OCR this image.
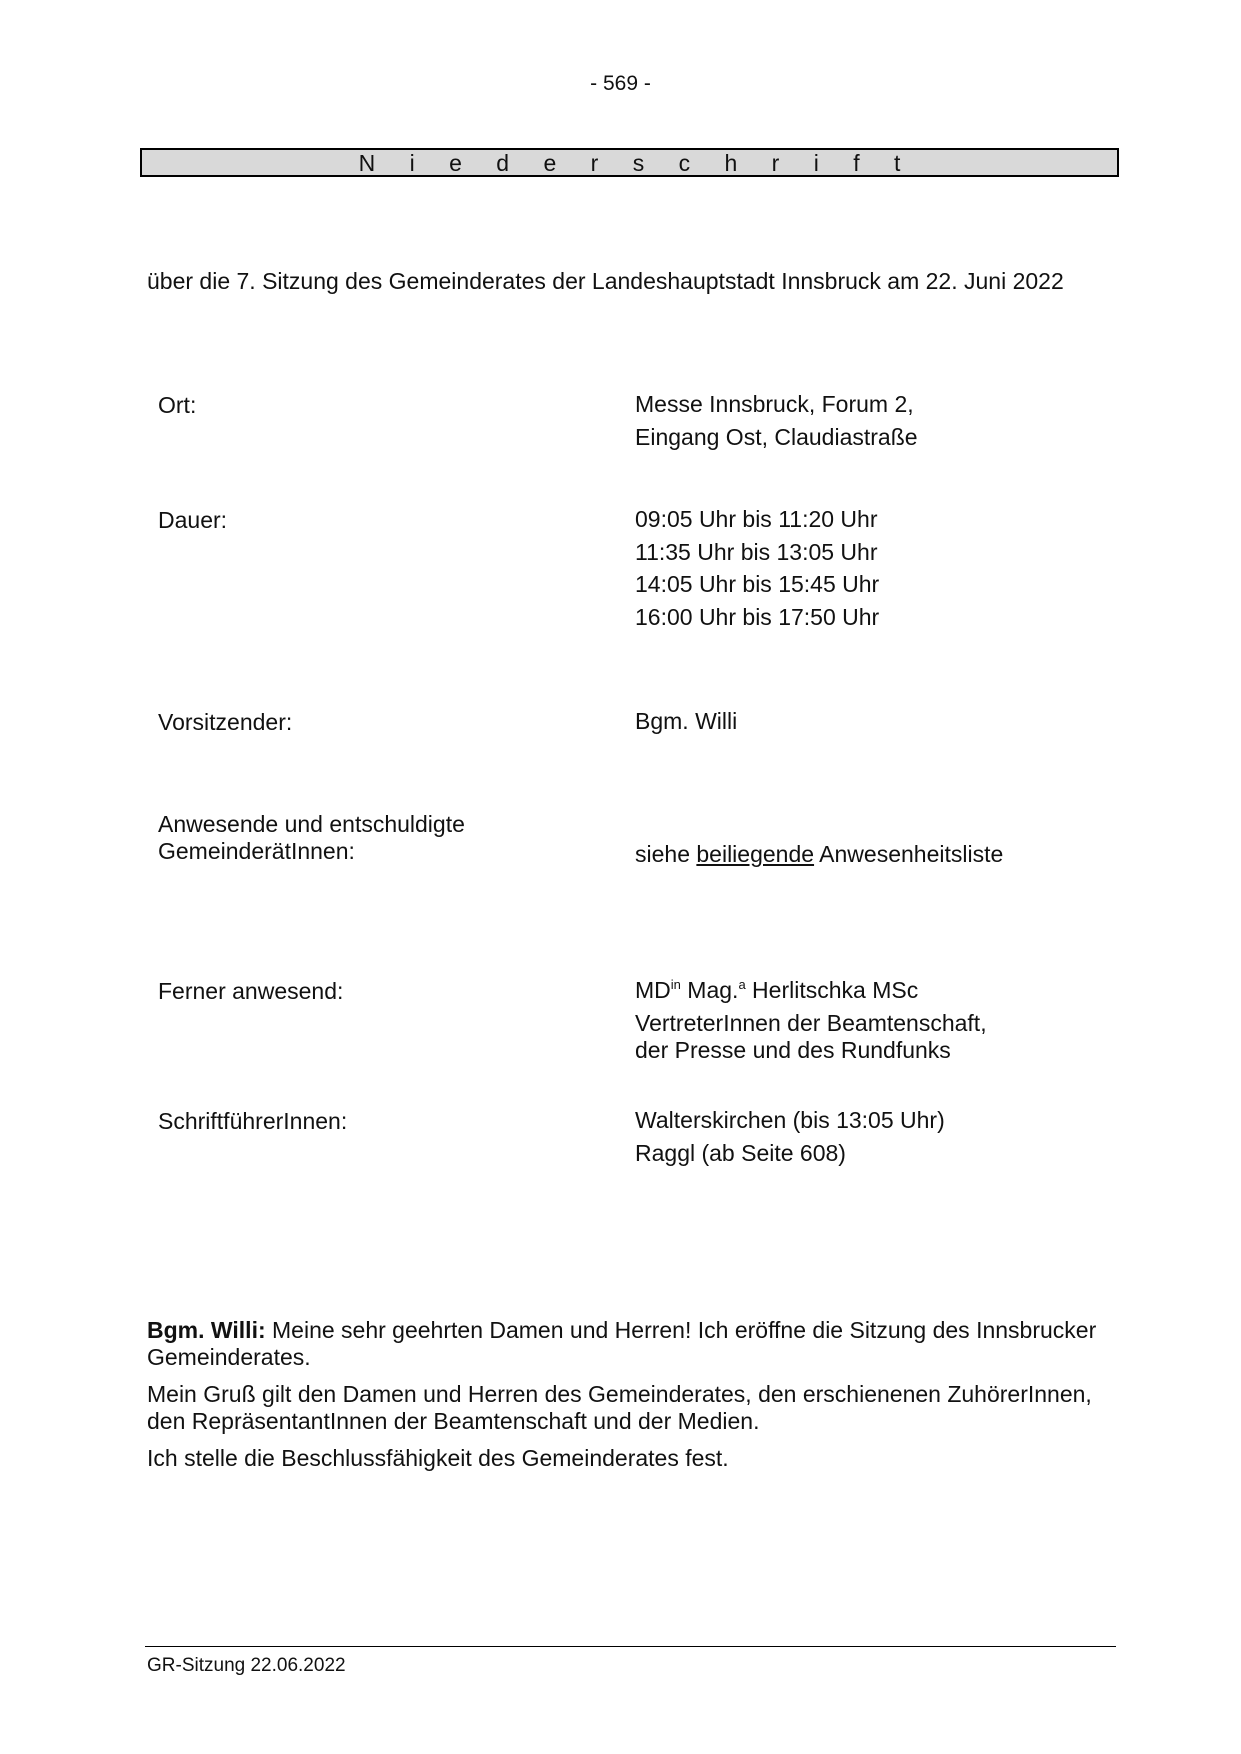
- 569 -
N i e d e r s c h r i f t
über die 7. Sitzung des Gemeinderates der Landeshauptstadt Innsbruck am 22. Juni 2022
Ort:	Messe Innsbruck, Forum 2,
Eingang Ost, Claudiastraße
Dauer:	09:05 Uhr bis 11:20 Uhr
11:35 Uhr bis 13:05 Uhr
14:05 Uhr bis 15:45 Uhr
16:00 Uhr bis 17:50 Uhr
Vorsitzender:	Bgm. Willi
Anwesende und entschuldigte
GemeinderätInnen:	siehe beiliegende Anwesenheitsliste
Ferner anwesend:	$MD^{in}$ Mag.$^a$ Herlitschka MSc
VertreterInnen der Beamtenschaft,
der Presse und des Rundfunks
SchriftführerInnen:	Walterskirchen (bis 13:05 Uhr)
Raggl (ab Seite 608)
Bgm. Willi: Meine sehr geehrten Damen und Herren! Ich eröffne die Sitzung des Innsbrucker Gemeinderates.
Mein Gruß gilt den Damen und Herren des Gemeinderates, den erschienenen ZuhörerInnen, den RepräsentantInnen der Beamtenschaft und der Medien.
Ich stelle die Beschlussfähigkeit des Gemeinderates fest.
GR-Sitzung 22.06.2022
